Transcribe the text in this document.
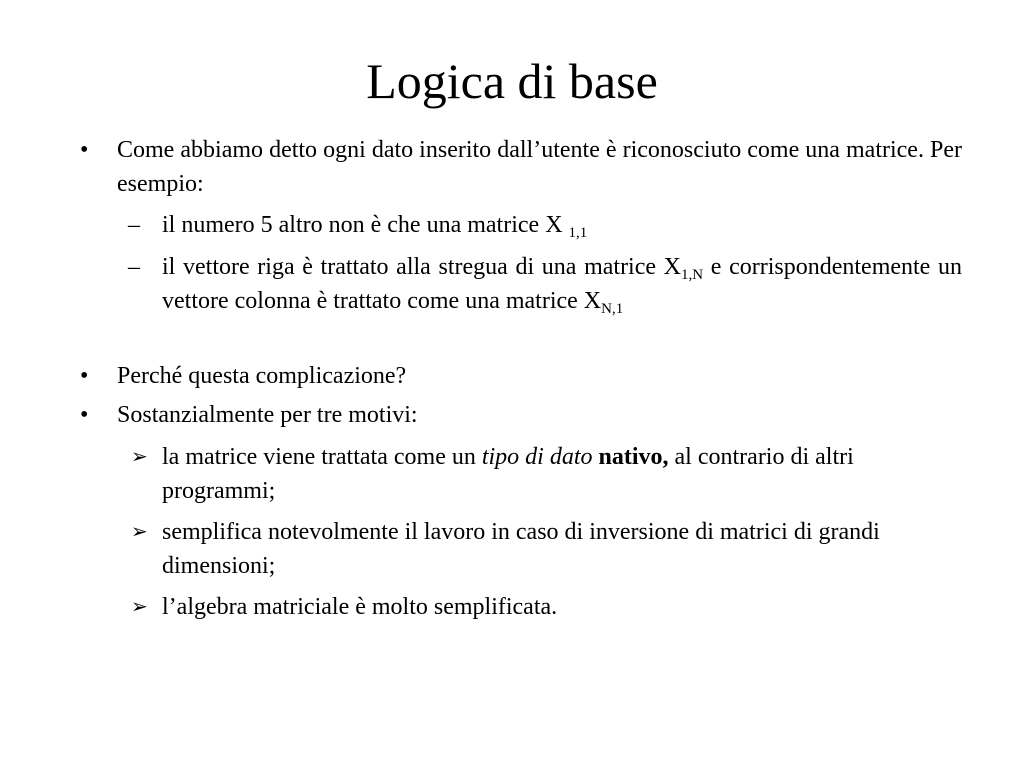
Logica di base
• Come abbiamo detto ogni dato inserito dall’utente è riconosciuto come una matrice. Per esempio:
– il numero 5 altro non è che una matrice X $_{1,1}$
– il vettore riga è trattato alla stregua di una matrice $X_{1,N}$ e corrispondentemente un vettore colonna è trattato come una matrice $X_{N,1}$
• Perché questa complicazione?
• Sostanzialmente per tre motivi:
➢ la matrice viene trattata come un tipo di dato nativo, al contrario di altri programmi;
➢ semplifica notevolmente il lavoro in caso di inversione di matrici di grandi dimensioni;
➢ l’algebra matriciale è molto semplificata.
